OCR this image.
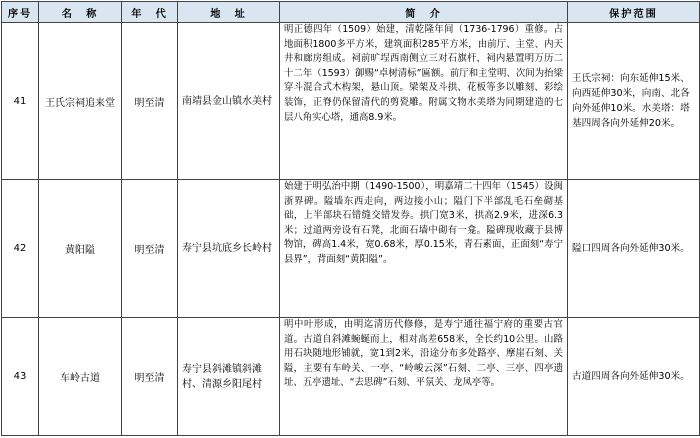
序号	名　称	年　代	地　址	简　介	保护范围
41	王氏宗祠追来堂	明至清	南靖县金山镇水美村	明正德四年（1509）始建，清乾隆年间（1736-1796）重修。占地面积1800多平方米，建筑面积285平方米，由前厅、主堂、内天井和廊房组成。祠前旷埕西南侧立三对石旗杆，祠内悬置明万历二十二年（1593）御赐“卓树清标”匾额。前厅和主堂明、次间为抬梁穿斗混合式木构架，悬山顶。梁架及斗拱、花板等多以雕刻、彩绘装饰，正脊仍保留清代的剪瓷雕。附属文物水美塔为同期建造的七层八角实心塔，通高8.9米。	王氏宗祠：向东延伸15米、向西延伸30米，向南、北各向外延伸10米。水美塔：塔基四周各向外延伸20米。
42	黄阳隘	明至清	寿宁县坑底乡长岭村	始建于明弘治中期（1490-1500），明嘉靖二十四年（1545）设闽浙界碑。隘墙东西走向，两边接小山；隘门下半部乱毛石垒砌基础，上半部块石错缝交错发券。拱门宽3米，拱高2.9米，进深6.3米；过道两旁设有石凳，北面石墙中砌有一龛。隘碑现收藏于县博物馆，碑高1.4米，宽0.68米，厚0.15米，青石素面，正面刻“寿宁县界”，背面刻“黄阳隘”。	隘口四周各向外延伸30米。
43	车岭古道	明至清	寿宁县斜滩镇斜滩村、清源乡阳尾村	明中叶形成，由明迄清历代修修，是寿宁通往福宁府的重要古官道。古道自斜滩蜿蜒而上，相对高差658米，全长约10公里。山路用石块随地形铺就，宽1到2米，沿途分布多处路亭、摩崖石刻、关隘，主要有车岭关、一亭、“岭峻云深”石刻、二亭、三亭、四亭遗址、五亭遗址、“去思碑”石刻、平氛关、龙凤亭等。	古道四周各向外延伸30米。
